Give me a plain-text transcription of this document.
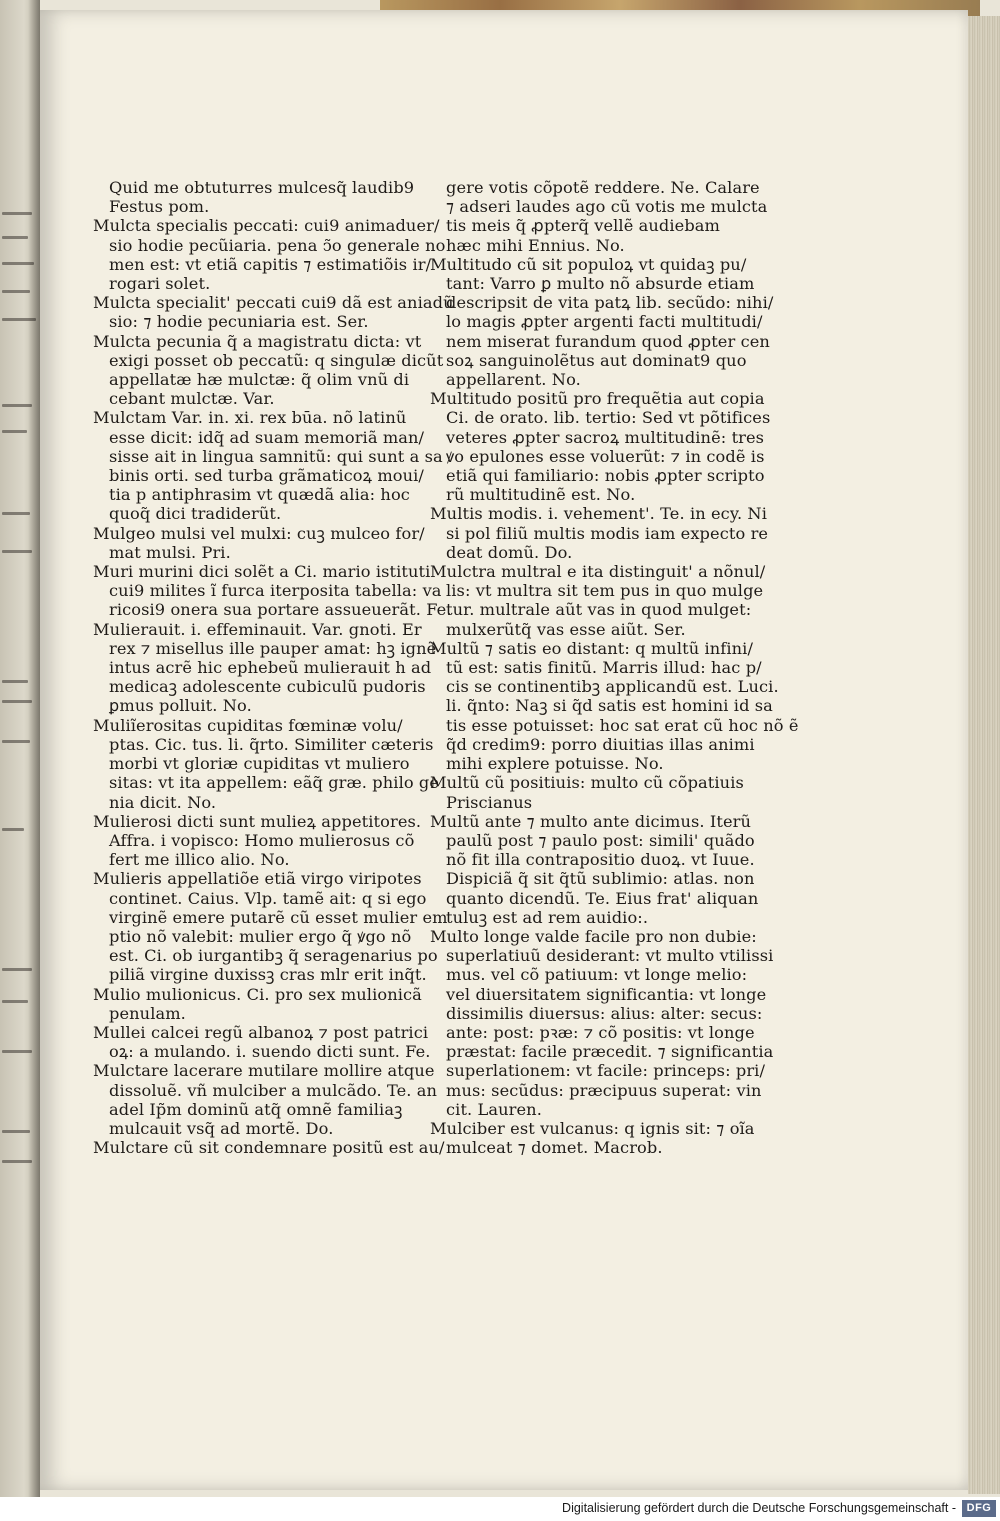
Quid me obtuturres mulcesq̃ laudib9
Festus pom.
Mulcta specialis peccati: cui9 animaduer/
sio hodie pecũiaria. pena ↄ̃o generale no
men est: vt etiã capitis ⁊ estimatiõis ir/
rogari solet.
Mulcta specialit' peccati cui9 dã est aniadũ
sio: ⁊ hodie pecuniaria est. Ser.
Mulcta pecunia q̃ a magistratu dicta: vt
exigi posset ob peccatũ: q singulæ dicũt
appellatæ hæ mulctæ: q̃ olim vnũ di
cebant mulctæ. Var.
Mulctam Var. in. xi. rex būa. nõ latinũ
esse dicit: idq̃ ad suam memoriã man/
sisse ait in lingua samnitũ: qui sunt a sa
binis orti. sed turba grãmaticoꝝ moui/
tia p antiphrasim vt quædã alia: hoc
quoq̃ dici tradiderũt.
Mulgeo mulsi vel mulxi: cuꝫ mulceo for/
mat mulsi. Pri.
Muri murini dici solẽt a Ci. mario istituti
cui9 milites ĩ furca iterposita tabella: va
ricosi9 onera sua portare assueuerãt. Fe.
Mulierauit. i. effeminauit. Var. gnoti. Er
rex ⁊ misellus ille pauper amat: hꝫ ignẽ
intus acrẽ hic ephebeũ mulierauit h ad
medicaꝫ adolescente cubiculũ pudoris
ꝑmus polluit. No.
Muliĩerositas cupiditas fœminæ volu/
ptas. Cic. tus. li. q̃rto. Similiter cæteris
morbi vt gloriæ cupiditas vt muliero
sitas: vt ita appellem: eãq̃ græ. philo ge
nia dicit. No.
Mulierosi dicti sunt mulieꝝ appetitores.
Affra. i vopisco: Homo mulierosus cõ
fert me illico alio. No.
Mulieris appellatiõe etiã virgo viripotes
continet. Caius. Vlp. tamẽ ait: q si ego
virginẽ emere putarẽ cũ esset mulier em
ptio nõ valebit: mulier ergo q̃ ꝟgo nõ
est. Ci. ob iurgantibꝫ q̃ seragenarius po
piliã virgine duxissꝫ cras mlr erit inq̃t.
Mulio mulionicus. Ci. pro sex mulionicã
penulam.
Mullei calcei regũ albanoꝝ ⁊ post patrici
oꝝ: a mulando. i. suendo dicti sunt. Fe.
Mulctare lacerare mutilare mollire atque
dissoluẽ. vñ mulciber a mulcãdo. Te. an
adel Ip̃m dominũ atq̃ omnẽ familiaꝫ
mulcauit vsq̃ ad mortẽ. Do.
Mulctare cũ sit condemnare positũ est au/
gere votis cõpotẽ reddere. Ne. Calare
⁊ adseri laudes ago cũ votis me mulcta
tis meis q̃ ꝓpterq̃ vellẽ audiebam
hæc mihi Ennius. No.
Multitudo cũ sit populoꝝ vt quidaꝫ pu/
tant: Varro ꝑ multo nõ absurde etiam
descripsit de vita patꝝ lib. secũdo: nihi/
lo magis ꝓpter argenti facti multitudi/
nem miserat furandum quod ꝓpter cen
soꝝ sanguinolẽtus aut dominat9 quo
appellarent. No.
Multitudo positũ pro frequẽtia aut copia
Ci. de orato. lib. tertio: Sed vt põtifices
veteres ꝓpter sacroꝝ multitudinẽ: tres
ꝟo epulones esse voluerũt: ⁊ in codẽ is
etiã qui familiario: nobis ꝓpter scripto
rũ multitudinẽ est. No.
Multis modis. i. vehement'. Te. in ecy. Ni
si pol filiũ multis modis iam expecto re
deat domũ. Do.
Mulctra multral e ita distinguit' a nõnul/
lis: vt multra sit tem pus in quo mulge
tur. multrale aũt vas in quod mulget:
mulxerũtq̃ vas esse aiũt. Ser.
Multũ ⁊ satis eo distant: q multũ infini/
tũ est: satis finitũ. Marris illud: hac p/
cis se continentibꝫ applicandũ est. Luci.
li. q̃nto: Naꝫ si q̃d satis est homini id sa
tis esse potuisset: hoc sat erat cũ hoc nõ ẽ
q̃d credim9: porro diuitias illas animi
mihi explere potuisse. No.
Multũ cũ positiuis: multo cũ cõpatiuis
Priscianus
Multũ ante ⁊ multo ante dicimus. Iterũ
paulũ post ⁊ paulo post: simili' quãdo
nõ fit illa contrapositio duoꝝ. vt Iuue.
Dispiciã q̃ sit q̃tũ sublimio: atlas. non
quanto dicendũ. Te. Eius frat' aliquan
tuluꝫ est ad rem auidio:.
Multo longe valde facile pro non dubie:
superlatiuũ desiderant: vt multo vtilissi
mus. vel cõ patiuum: vt longe melio:
vel diuersitatem significantia: vt longe
dissimilis diuersus: alius: alter: secus:
ante: post: pꝛæ: ⁊ cõ positis: vt longe
præstat: facile præcedit. ⁊ significantia
superlationem: vt facile: princeps: pri/
mus: secũdus: præcipuus superat: vin
cit. Lauren.
Mulciber est vulcanus: q ignis sit: ⁊ oĩa
mulceat ⁊ domet. Macrob.
Digitalisierung gefördert durch die Deutsche Forschungsgemeinschaft - DFG
